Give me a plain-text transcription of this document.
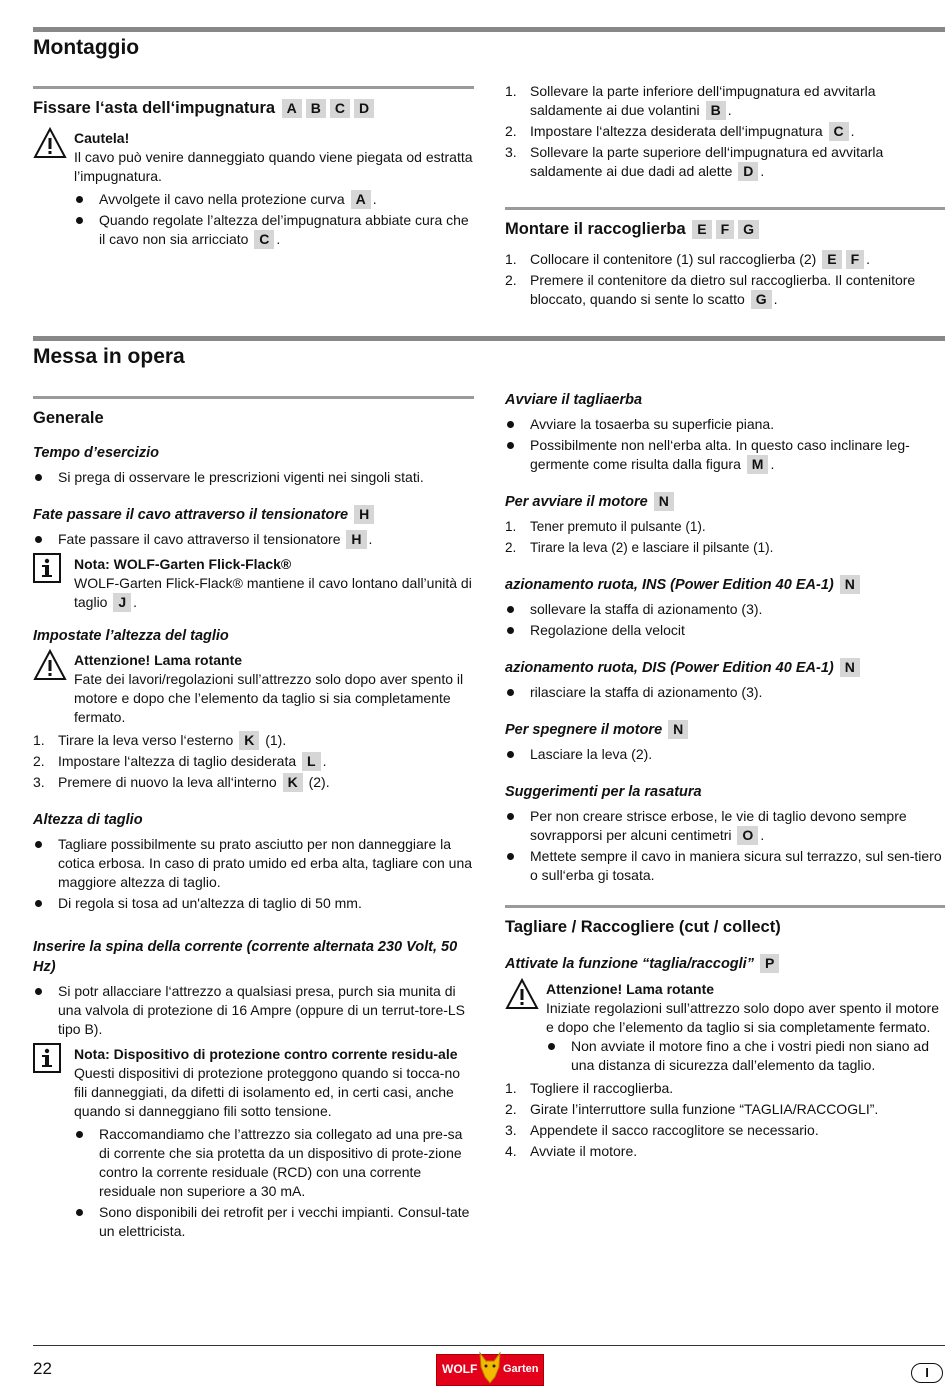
Montaggio
Fissare l‘asta dell‘impugnatura A B C D
Cautela!
Il cavo può venire danneggiato quando viene piegata od estratta l’impugnatura.
Avvolgete il cavo nella protezione curva A .
Quando regolate l’altezza del’impugnatura abbiate cura che il cavo non sia arricciato C .
1. Sollevare la parte inferiore dell‘impugnatura ed avvitarla saldamente ai due volantini B .
2. Impostare l‘altezza desiderata dell‘impugnatura C .
3. Sollevare la parte superiore dell‘impugnatura ed avvitarla saldamente ai due dadi ad alette D .
Montare il raccoglierba E F G
1. Collocare il contenitore (1) sul raccoglierba (2) E F .
2. Premere il contenitore da dietro sul raccoglierba. Il contenitore bloccato, quando si sente lo scatto G .
Messa in opera
Generale
Tempo d’esercizio
Si prega di osservare le prescrizioni vigenti nei singoli stati.
Fate passare il cavo attraverso il tensionatore H
Fate passare il cavo attraverso il tensionatore H .
Nota: WOLF-Garten Flick-Flack®
WOLF-Garten Flick-Flack® mantiene il cavo lontano dall’unità di taglio J .
Impostate l’altezza del taglio
Attenzione! Lama rotante
Fate dei lavori/regolazioni sull’attrezzo solo dopo aver spento il motore e dopo che l’elemento da taglio si sia completamente fermato.
1. Tirare la leva verso l‘esterno K (1).
2. Impostare l‘altezza di taglio desiderata L .
3. Premere di nuovo la leva all‘interno K (2).
Altezza di taglio
Tagliare possibilmente su prato asciutto per non danneggiare la cotica erbosa. In caso di prato umido ed erba alta, tagliare con una maggiore altezza di taglio.
Di regola si tosa ad un'altezza di taglio di 50 mm.
Inserire la spina della corrente (corrente alternata 230 Volt, 50 Hz)
Si potr allacciare l‘attrezzo a qualsiasi presa, purch sia munita di una valvola di protezione di 16 Ampre (oppure di un terrut-tore-LS tipo B).
Nota: Dispositivo di protezione contro corrente residu-ale
Questi dispositivi di protezione proteggono quando si tocca-no fili danneggiati, da difetti di isolamento ed, in certi casi, anche quando si danneggiano fili sotto tensione.
Raccomandiamo che l’attrezzo sia collegato ad una pre-sa di corrente che sia protetta da un dispositivo di prote-zione contro la corrente residuale (RCD) con una corrente residuale non superiore a 30 mA.
Sono disponibili dei retrofit per i vecchi impianti. Consul-tate un elettricista.
Avviare il tagliaerba
Avviare la tosaerba su superficie piana.
Possibilmente non nell‘erba alta. In questo caso inclinare leg-germente come risulta dalla figura M .
Per avviare il motore N
1. Tener premuto il pulsante (1).
2. Tirare la leva (2) e lasciare il pilsante (1).
azionamento ruota, INS (Power Edition 40 EA-1) N
sollevare la staffa di azionamento (3).
Regolazione della velocit
azionamento ruota, DIS (Power Edition 40 EA-1) N
rilasciare la staffa di azionamento (3).
Per spegnere il motore N
Lasciare la leva (2).
Suggerimenti per la rasatura
Per non creare strisce erbose, le vie di taglio devono sempre sovrapporsi per alcuni centimetri O .
Mettete sempre il cavo in maniera sicura sul terrazzo, sul sen-tiero o sull‘erba gi tosata.
Tagliare / Raccogliere (cut / collect)
Attivate la funzione “taglia/raccogli” P
Attenzione! Lama rotante
Iniziate regolazioni sull’attrezzo solo dopo aver spento il motore e dopo che l’elemento da taglio si sia completamente fermato.
Non avviate il motore fino a che i vostri piedi non siano ad una distanza di sicurezza dall’elemento da taglio.
1. Togliere il raccoglierba.
2. Girate l’interruttore sulla funzione “TAGLIA/RACCOGLI”.
3. Appendete il sacco raccoglitore se necessario.
4. Avviate il motore.
22	WOLF Garten	I
